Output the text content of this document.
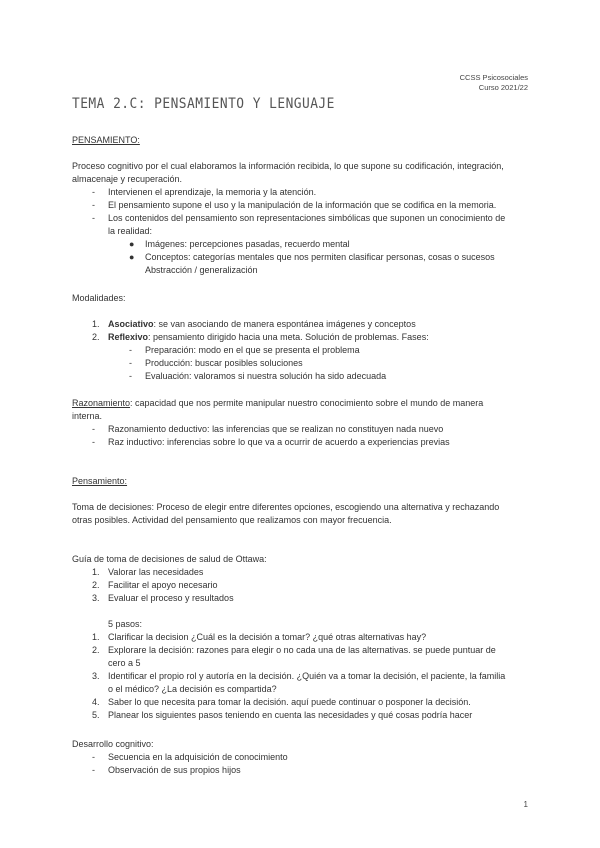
CCSS Psicosociales
Curso 2021/22
TEMA 2.C: PENSAMIENTO Y LENGUAJE
PENSAMIENTO:
Proceso cognitivo por el cual elaboramos la información recibida, lo que supone su codificación, integración,
almacenaje y recuperación.
- Intervienen el aprendizaje, la memoria y la atención.
- El pensamiento supone el uso y la manipulación de la información que se codifica en la memoria.
- Los contenidos del pensamiento son representaciones simbólicas que suponen un conocimiento de
la realidad:
● Imágenes: percepciones pasadas, recuerdo mental
● Conceptos: categorías mentales que nos permiten clasificar personas, cosas o sucesos
Abstracción / generalización
Modalidades:
1. Asociativo: se van asociando de manera espontánea imágenes y conceptos
2. Reflexivo: pensamiento dirigido hacia una meta. Solución de problemas. Fases:
- Preparación: modo en el que se presenta el problema
- Producción: buscar posibles soluciones
- Evaluación: valoramos si nuestra solución ha sido adecuada
Razonamiento: capacidad que nos permite manipular nuestro conocimiento sobre el mundo de manera
interna.
- Razonamiento deductivo: las inferencias que se realizan no constituyen nada nuevo
- Raz inductivo: inferencias sobre lo que va a ocurrir de acuerdo a experiencias previas
Pensamiento:
Toma de decisiones: Proceso de elegir entre diferentes opciones, escogiendo una alternativa y rechazando
otras posibles. Actividad del pensamiento que realizamos con mayor frecuencia.
Guía de toma de decisiones de salud de Ottawa:
1. Valorar las necesidades
2. Facilitar el apoyo necesario
3. Evaluar el proceso y resultados
5 pasos:
1. Clarificar la decision ¿Cuál es la decisión a tomar? ¿qué otras alternativas hay?
2. Explorare la decisión: razones para elegir o no cada una de las alternativas. se puede puntuar de
cero a 5
3. Identificar el propio rol y autoría en la decisión. ¿Quién va a tomar la decisión, el paciente, la familia
o el médico? ¿La decisión es compartida?
4. Saber lo que necesita para tomar la decisión. aquí puede continuar o posponer la decisión.
5. Planear los siguientes pasos teniendo en cuenta las necesidades y qué cosas podría hacer
Desarrollo cognitivo:
- Secuencia en la adquisición de conocimiento
- Observación de sus propios hijos
1
